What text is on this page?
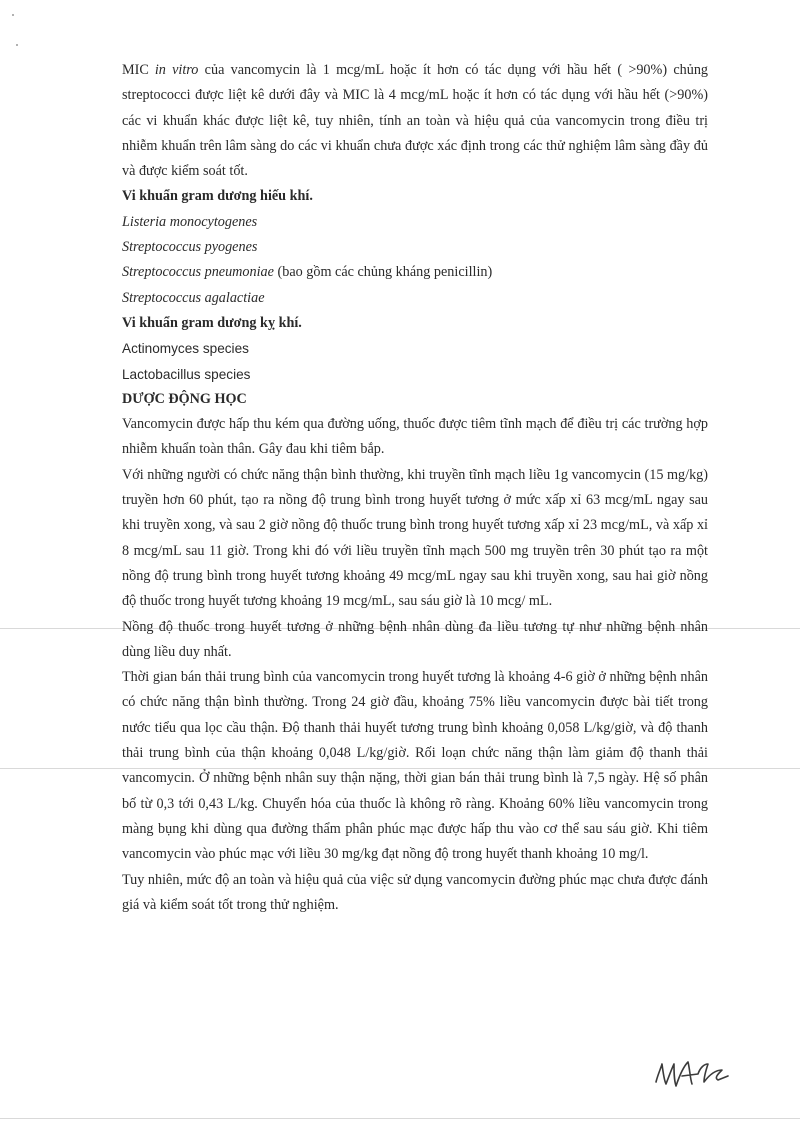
MIC in vitro của vancomycin là 1 mcg/mL hoặc ít hơn có tác dụng với hầu hết ( >90%) chủng streptococci được liệt kê dưới đây và MIC là 4 mcg/mL hoặc ít hơn có tác dụng với hầu hết (>90%) các vi khuẩn khác được liệt kê, tuy nhiên, tính an toàn và hiệu quả của vancomycin trong điều trị nhiễm khuẩn trên lâm sàng do các vi khuẩn chưa được xác định trong các thử nghiệm lâm sàng đầy đủ và được kiểm soát tốt.

Vi khuẩn gram dương hiếu khí.

Listeria monocytogenes

Streptococcus pyogenes

Streptococcus pneumoniae (bao gồm các chủng kháng penicillin)

Streptococcus agalactiae

Vi khuẩn gram dương kỵ khí.

Actinomyces species

Lactobacillus species

DƯỢC ĐỘNG HỌC

Vancomycin được hấp thu kém qua đường uống, thuốc được tiêm tĩnh mạch để điều trị các trường hợp nhiễm khuẩn toàn thân. Gây đau khi tiêm bắp.

Với những người có chức năng thận bình thường, khi truyền tĩnh mạch liều 1g vancomycin (15 mg/kg) truyền hơn 60 phút, tạo ra nồng độ trung bình trong huyết tương ở mức xấp xỉ 63 mcg/mL ngay sau khi truyền xong, và sau 2 giờ nồng độ thuốc trung bình trong huyết tương xấp xỉ 23 mcg/mL, và xấp xỉ 8 mcg/mL sau 11 giờ. Trong khi đó với liều truyền tĩnh mạch 500 mg truyền trên 30 phút tạo ra một nồng độ trung bình trong huyết tương khoảng 49 mcg/mL ngay sau khi truyền xong, sau hai giờ nồng độ thuốc trong huyết tương khoảng 19 mcg/mL, sau sáu giờ là 10 mcg/ mL.

Nồng độ thuốc trong huyết tương ở những bệnh nhân dùng đa liều tương tự như những bệnh nhân dùng liều duy nhất.

Thời gian bán thải trung bình của vancomycin trong huyết tương là khoảng 4-6 giờ ở những bệnh nhân có chức năng thận bình thường. Trong 24 giờ đầu, khoảng 75% liều vancomycin được bài tiết trong nước tiểu qua lọc cầu thận. Độ thanh thải huyết tương trung bình khoảng 0,058 L/kg/giờ, và độ thanh thải trung bình của thận khoảng 0,048 L/kg/giờ. Rối loạn chức năng thận làm giảm độ thanh thải vancomycin. Ở những bệnh nhân suy thận nặng, thời gian bán thải trung bình là 7,5 ngày. Hệ số phân bố từ 0,3 tới 0,43 L/kg. Chuyển hóa của thuốc là không rõ ràng. Khoảng 60% liều vancomycin trong màng bụng khi dùng qua đường thẩm phân phúc mạc được hấp thu vào cơ thể sau sáu giờ. Khi tiêm vancomycin vào phúc mạc với liều 30 mg/kg đạt nồng độ trong huyết thanh khoảng 10 mg/l.

Tuy nhiên, mức độ an toàn và hiệu quả của việc sử dụng vancomycin đường phúc mạc chưa được đánh giá và kiểm soát tốt trong thử nghiệm.
